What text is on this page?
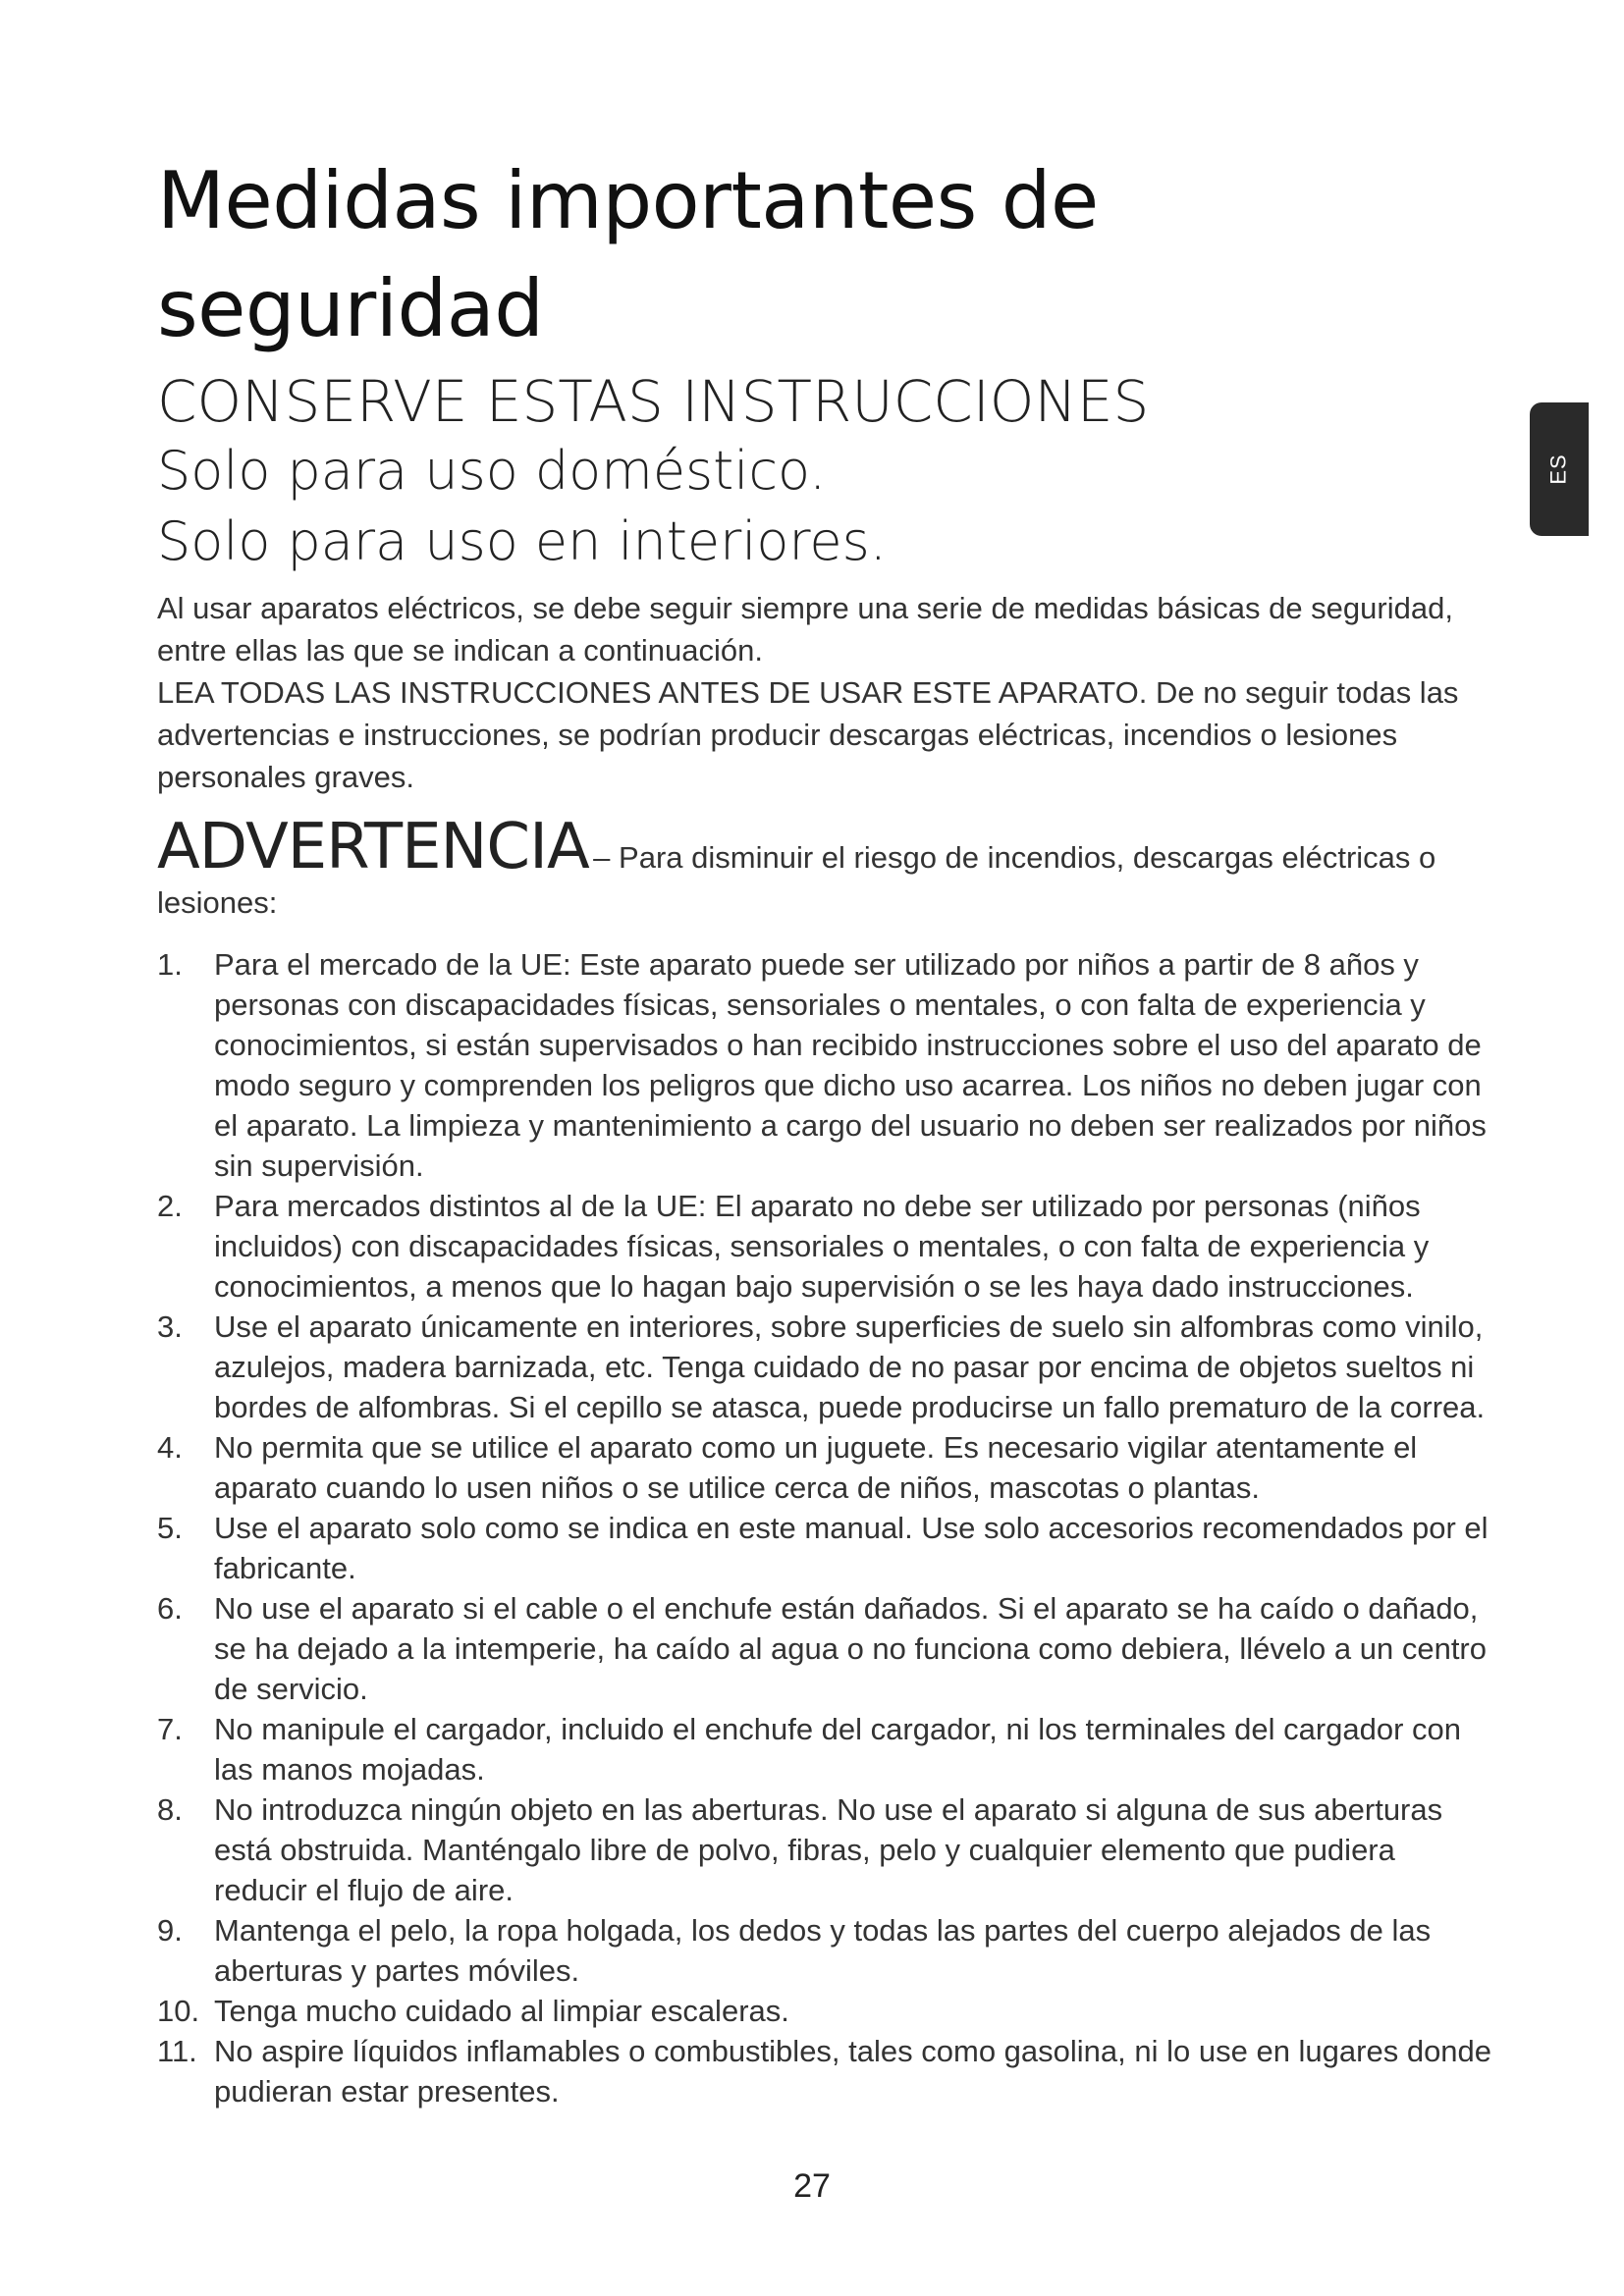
Medidas importantes de seguridad
CONSERVE ESTAS INSTRUCCIONES
Solo para uso doméstico.
Solo para uso en interiores.

Al usar aparatos eléctricos, se debe seguir siempre una serie de medidas básicas de seguridad, entre ellas las que se indican a continuación.

LEA TODAS LAS INSTRUCCIONES ANTES DE USAR ESTE APARATO. De no seguir todas las advertencias e instrucciones, se podrían producir descargas eléctricas, incendios o lesiones personales graves.

ADVERTENCIA – Para disminuir el riesgo de incendios, descargas eléctricas o lesiones:
1. Para el mercado de la UE: Este aparato puede ser utilizado por niños a partir de 8 años y personas con discapacidades físicas, sensoriales o mentales, o con falta de experiencia y conocimientos, si están supervisados o han recibido instrucciones sobre el uso del aparato de modo seguro y comprenden los peligros que dicho uso acarrea. Los niños no deben jugar con el aparato. La limpieza y mantenimiento a cargo del usuario no deben ser realizados por niños sin supervisión.
2. Para mercados distintos al de la UE: El aparato no debe ser utilizado por personas (niños incluidos) con discapacidades físicas, sensoriales o mentales, o con falta de experiencia y conocimientos, a menos que lo hagan bajo supervisión o se les haya dado instrucciones.
3. Use el aparato únicamente en interiores, sobre superficies de suelo sin alfombras como vinilo, azulejos, madera barnizada, etc. Tenga cuidado de no pasar por encima de objetos sueltos ni bordes de alfombras. Si el cepillo se atasca, puede producirse un fallo prematuro de la correa.
4. No permita que se utilice el aparato como un juguete. Es necesario vigilar atentamente el aparato cuando lo usen niños o se utilice cerca de niños, mascotas o plantas.
5. Use el aparato solo como se indica en este manual. Use solo accesorios recomendados por el fabricante.
6. No use el aparato si el cable o el enchufe están dañados. Si el aparato se ha caído o dañado, se ha dejado a la intemperie, ha caído al agua o no funciona como debiera, llévelo a un centro de servicio.
7. No manipule el cargador, incluido el enchufe del cargador, ni los terminales del cargador con las manos mojadas.
8. No introduzca ningún objeto en las aberturas. No use el aparato si alguna de sus aberturas está obstruida. Manténgalo libre de polvo, fibras, pelo y cualquier elemento que pudiera reducir el flujo de aire.
9. Mantenga el pelo, la ropa holgada, los dedos y todas las partes del cuerpo alejados de las aberturas y partes móviles.
10. Tenga mucho cuidado al limpiar escaleras.
11. No aspire líquidos inflamables o combustibles, tales como gasolina, ni lo use en lugares donde pudieran estar presentes.
27
ES
